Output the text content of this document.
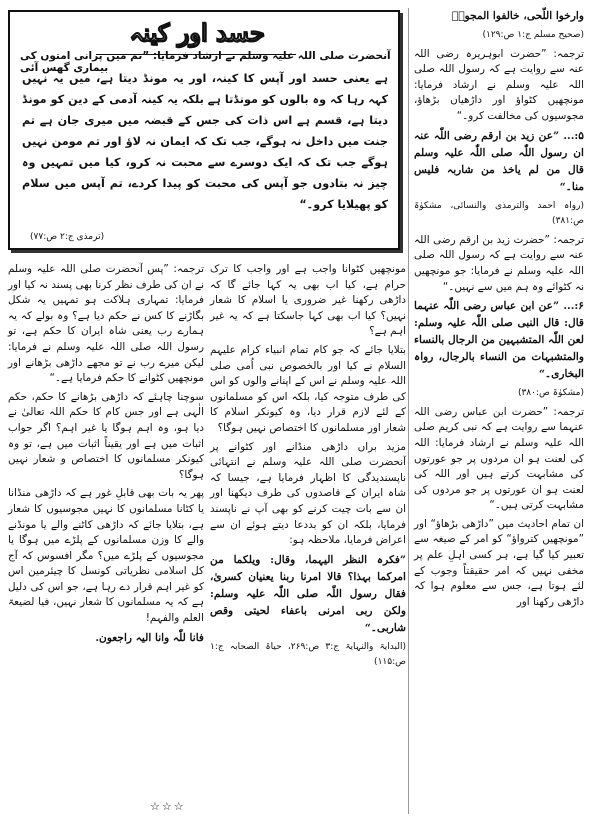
حسد اور کینہ
آنحضرت صلی اللہ علیہ وسلم نے ارشاد فرمایا: ”تم میں پرانی امتوں کی بیماری گھس آئی
ہے یعنی حسد اور آپس کا کینہ، اور یہ مونڈ دیتا ہے، میں یہ نہیں کہہ رہا کہ وہ بالوں کو مونڈتا ہے بلکہ یہ کینہ آدمی کے دین کو مونڈ دیتا ہے، قسم ہے اس ذات کی جس کے قبضہ میں میری جان ہے تم جنت میں داخل نہ ہوگے، جب تک کہ ایمان نہ لاؤ اور تم مومن نہیں ہوگے جب تک کہ ایک دوسرے سے محبت نہ کرو، کیا میں تمہیں وہ چیز نہ بتادوں جو آپس کی محبت کو پیدا کردے، تم آپس میں سلام کو پھیلایا کرو۔“
(ترمذی ج:۲ ص:۷۷)

وارخوا اللّحی، خالفوا المجوسؔ

(صحیح مسلم ج:۱ ص:۱۲۹)

ترجمہ: ”حضرت ابوہریرہ رضی اللہ عنہ سے روایت ہے کہ رسول اللہ صلی اللہ علیہ وسلم نے ارشاد فرمایا: مونچھیں کٹواؤ اور داڑھیاں بڑھاؤ، مجوسیوں کی مخالفت کرو۔“

۵:... ”عن زید بن ارقم رضی اللّٰہ عنہ ان رسول اللّٰہ صلی اللّٰہ علیہ وسلم قال من لم یاخذ من شاربہ فلیس منا۔“

(رواہ احمد والترمذی والنسائی، مشکوٰۃ ص:۳۸۱)

ترجمہ: ”حضرت زید بن ارقم رضی اللہ عنہ سے روایت ہے کہ رسول اللہ صلی اللہ علیہ وسلم نے فرمایا: جو مونچھیں نہ کٹوائے وہ ہم میں سے نہیں۔“

۶:... ”عن ابن عباس رضی اللّٰہ عنہما قال: قال النبی صلی اللّٰہ علیہ وسلم: لعن اللّٰہ المتشبہین من الرجال بالنساء والمتشبہات من النساء بالرجال، رواہ البخاری۔“

(مشکوٰۃ ص:۳۸۰)

ترجمہ: ”حضرت ابن عباس رضی اللہ عنہما سے روایت ہے کہ نبی کریم صلی اللہ علیہ وسلم نے ارشاد فرمایا: اللہ کی لعنت ہو ان مردوں پر جو عورتوں کی مشابہت کرتے ہیں اور اللہ کی لعنت ہو ان عورتوں پر جو مردوں کی مشابہت کرتی ہیں۔“

ان تمام احادیث میں ”داڑھی بڑھاؤ“ اور ”مونچھیں کترواؤ“ کو امر کے صیغہ سے تعبیر کیا گیا ہے، ہر کسی اہلِ علم پر مخفی نہیں کہ امر حقیقتاً وجوب کے لئے ہوتا ہے، جس سے معلوم ہوا کہ داڑھی رکھنا اور

مونچھیں کٹوانا واجب ہے اور واجب کا ترک حرام ہے، کیا اب بھی یہ کہا جائے گا کہ داڑھی رکھنا غیر ضروری یا اسلام کا شعار نہیں؟ کیا اب بھی کہا جاسکتا ہے کہ یہ غیر اہم ہے؟

بتلایا جائے کہ جو کام تمام انبیاء کرام علیہم السلام نے کیا اور بالخصوص نبی اُمی صلی اللہ علیہ وسلم نے اس کے اپنانے والوں کو اس کی طرف متوجہ کیا، بلکہ اس کو مسلمانوں کے لئے لازم قرار دیا، وہ کیونکر اسلام کا شعار اور مسلمانوں کا اختصاص نہیں ہوگا؟

مزید براں داڑھی منڈانے اور کٹوانے پر آنحضرت صلی اللہ علیہ وسلم نے انتہائی ناپسندیدگی کا اظہار فرمایا ہے، جیسا کہ شاہ ایران کے قاصدوں کی طرف دیکھنا اور ان سے بات چیت کرنے کو بھی آپ نے ناپسند فرمایا، بلکہ ان کو بددعا دیتے ہوئے ان سے اعراض فرمایا، ملاحظہ ہو:

”فکرہ النظر الیہما، وقال: ویلکما من امرکما بہذا؟ قالا امرنا ربنا یعنیان کسریٰ، فقال رسول اللّٰہ صلی اللّٰہ علیہ وسلم: ولکن ربی امرنی باعفاء لحیتی وقص شاربی۔“

(البدایۃ والنہایۃ ج:۳ ص:۲۶۹، حیاۃ الصحابہ ج:۱ ص:۱۱۵)

ترجمہ: ”پس آنحضرت صلی اللہ علیہ وسلم نے ان کی طرف نظر کرنا بھی پسند نہ کیا اور فرمایا: تمہاری ہلاکت ہو تمہیں یہ شکل بگاڑنے کا کس نے حکم دیا ہے؟ وہ بولے کہ یہ ہمارے رب یعنی شاہ ایران کا حکم ہے، تو رسول اللہ صلی اللہ علیہ وسلم نے فرمایا: لیکن میرے رب نے تو مجھے داڑھی بڑھانے اور مونچھیں کٹوانے کا حکم فرمایا ہے۔“

سوچنا چاہئے کہ داڑھی بڑھانے کا حکم، حکم الٰہی ہے اور جس کام کا حکم اللہ تعالیٰ نے دیا ہو، وہ اہم ہوگا یا غیر اہم؟ اگر جواب اثبات میں ہے اور یقیناً اثبات میں ہے، تو وہ کیونکر مسلمانوں کا اختصاص و شعار نہیں ہوگا؟

پھر یہ بات بھی قابلِ غور ہے کہ داڑھی منڈانا یا کٹانا مسلمانوں کا نہیں مجوسیوں کا شعار ہے، بتلایا جائے کہ داڑھی کاٹنے والے یا مونڈنے والے کا وزن مسلمانوں کے پلڑے میں ہوگا یا مجوسیوں کے پلڑے میں؟ مگر افسوس کہ آج کل اسلامی نظریاتی کونسل کا چیئرمین اس کو غیر اہم قرار دے رہا ہے، جو اس کی دلیل ہے کہ یہ مسلمانوں کا شعار نہیں، فیا لضیعۃ العلم والفہم!

فانا للّٰہ وانا الیہ راجعون.

☆☆☆
